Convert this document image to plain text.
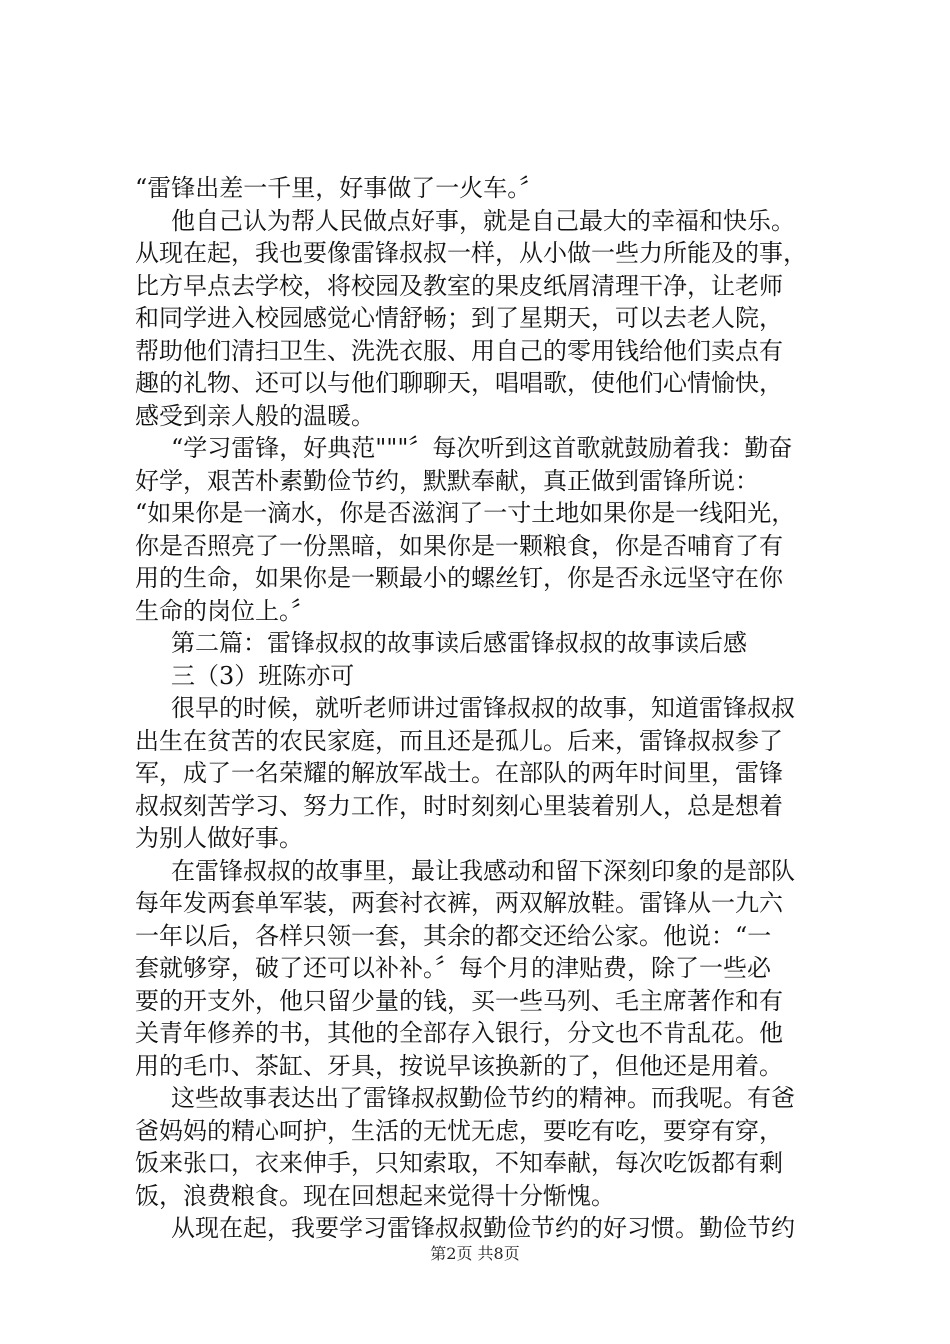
“雷锋出差一千里，好事做了一火车。〞
他自己认为帮人民做点好事，就是自己最大的幸福和快乐。
从现在起，我也要像雷锋叔叔一样，从小做一些力所能及的事，
比方早点去学校，将校园及教室的果皮纸屑清理干净，让老师
和同学进入校园感觉心情舒畅；到了星期天，可以去老人院，
帮助他们清扫卫生、洗洗衣服、用自己的零用钱给他们卖点有
趣的礼物、还可以与他们聊聊天，唱唱歌，使他们心情愉快，
感受到亲人般的温暖。
“学习雷锋，好典范"""〞每次听到这首歌就鼓励着我：勤奋
好学，艰苦朴素勤俭节约，默默奉献，真正做到雷锋所说：
“如果你是一滴水，你是否滋润了一寸土地如果你是一线阳光，
你是否照亮了一份黑暗，如果你是一颗粮食，你是否哺育了有
用的生命，如果你是一颗最小的螺丝钉，你是否永远坚守在你
生命的岗位上。〞
第二篇：雷锋叔叔的故事读后感雷锋叔叔的故事读后感
三（3）班陈亦可
很早的时候，就听老师讲过雷锋叔叔的故事，知道雷锋叔叔
出生在贫苦的农民家庭，而且还是孤儿。后来，雷锋叔叔参了
军，成了一名荣耀的解放军战士。在部队的两年时间里，雷锋
叔叔刻苦学习、努力工作，时时刻刻心里装着别人，总是想着
为别人做好事。
在雷锋叔叔的故事里，最让我感动和留下深刻印象的是部队
每年发两套单军装，两套衬衣裤，两双解放鞋。雷锋从一九六
一年以后，各样只领一套，其余的都交还给公家。他说：“一
套就够穿，破了还可以补补。〞每个月的津贴费，除了一些必
要的开支外，他只留少量的钱，买一些马列、毛主席著作和有
关青年修养的书，其他的全部存入银行，分文也不肯乱花。他
用的毛巾、茶缸、牙具，按说早该换新的了，但他还是用着。
这些故事表达出了雷锋叔叔勤俭节约的精神。而我呢。有爸
爸妈妈的精心呵护，生活的无忧无虑，要吃有吃，要穿有穿，
饭来张口，衣来伸手，只知索取，不知奉献，每次吃饭都有剩
饭，浪费粮食。现在回想起来觉得十分惭愧。
从现在起，我要学习雷锋叔叔勤俭节约的好习惯。勤俭节约
第2页 共8页
